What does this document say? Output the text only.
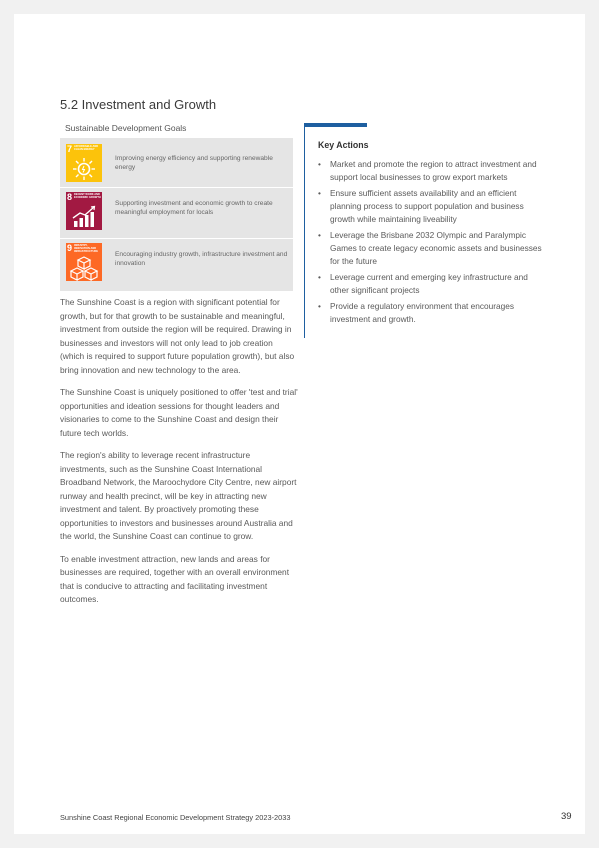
5.2 Investment and Growth
Sustainable Development Goals
7 AFFORDABLE AND CLEAN ENERGY
Improving energy efficiency and supporting renewable energy
8 DECENT WORK AND ECONOMIC GROWTH
Supporting investment and economic growth to create meaningful employment for locals
9 INDUSTRY, INNOVATION AND INFRASTRUCTURE	Encouraging industry growth, infrastructure investment and innovation

The Sunshine Coast is a region with significant potential for growth, but for that growth to be sustainable and meaningful, investment from outside the region will be required. Drawing in businesses and investors will not only lead to job creation (which is required to support future population growth), but also bring innovation and new technology to the area.

The Sunshine Coast is uniquely positioned to offer 'test and trial' opportunities and ideation sessions for thought leaders and visionaries to come to the Sunshine Coast and design their future tech worlds.

The region's ability to leverage recent infrastructure investments, such as the Sunshine Coast International Broadband Network, the Maroochydore City Centre, new airport runway and health precinct, will be key in attracting new investment and talent. By proactively promoting these opportunities to investors and businesses around Australia and the world, the Sunshine Coast can continue to grow.

To enable investment attraction, new lands and areas for businesses are required, together with an overall environment that is conducive to attracting and facilitating investment outcomes.

Key Actions
• Market and promote the region to attract investment and support local businesses to grow export markets
• Ensure sufficient assets availability and an efficient planning process to support population and business growth while maintaining liveability
• Leverage the Brisbane 2032 Olympic and Paralympic Games to create legacy economic assets and businesses for the future
• Leverage current and emerging key infrastructure and other significant projects
• Provide a regulatory environment that encourages investment and growth.
Sunshine Coast Regional Economic Development Strategy 2023-2033	39
